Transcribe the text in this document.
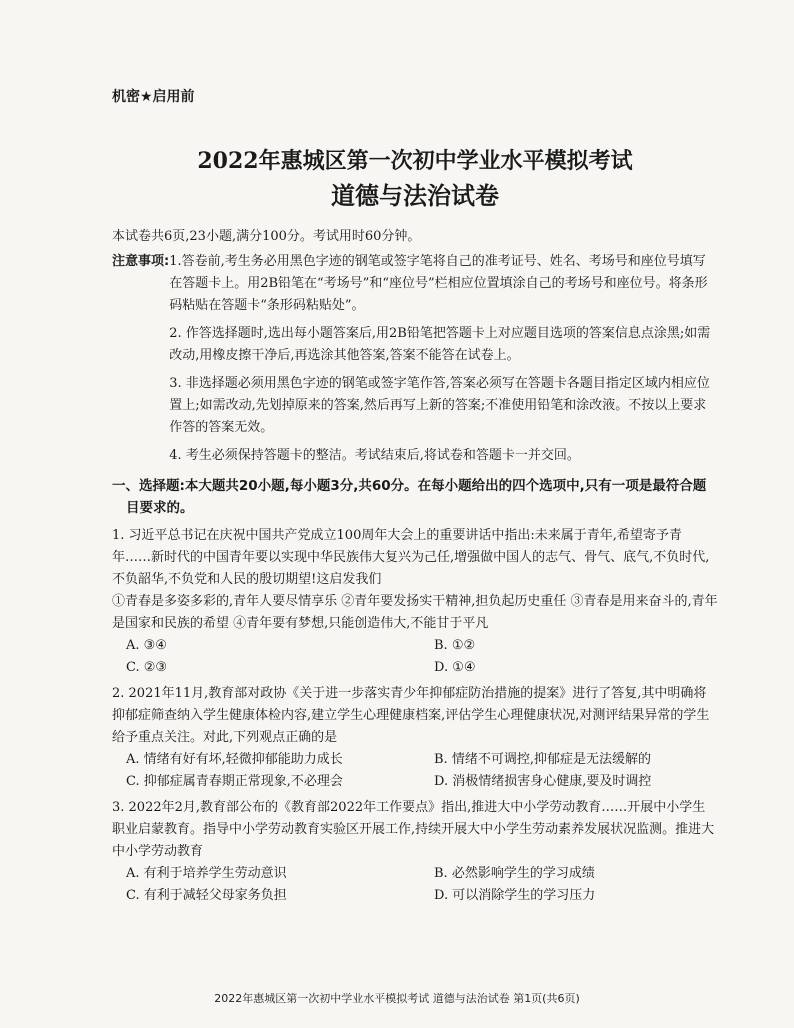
机密★启用前
2022年惠城区第一次初中学业水平模拟考试
道德与法治试卷

本试卷共6页,23小题,满分100分。考试用时60分钟。

注意事项: 1.答卷前,考生务必用黑色字迹的钢笔或签字笔将自己的准考证号、姓名、考场号和座位号填写在答题卡上。用2B铅笔在“考场号”和“座位号”栏相应位置填涂自己的考场号和座位号。将条形码粘贴在答题卡“条形码粘贴处”。
2. 作答选择题时,选出每小题答案后,用2B铅笔把答题卡上对应题目选项的答案信息点涂黑;如需改动,用橡皮擦干净后,再选涂其他答案,答案不能答在试卷上。
3. 非选择题必须用黑色字迹的钢笔或签字笔作答,答案必须写在答题卡各题目指定区域内相应位置上;如需改动,先划掉原来的答案,然后再写上新的答案;不准使用铅笔和涂改液。不按以上要求作答的答案无效。
4. 考生必须保持答题卡的整洁。考试结束后,将试卷和答题卡一并交回。
一、选择题:本大题共20小题,每小题3分,共60分。在每小题给出的四个选项中,只有一项是最符合题目要求的。

1. 习近平总书记在庆祝中国共产党成立100周年大会上的重要讲话中指出:未来属于青年,希望寄予青年……新时代的中国青年要以实现中华民族伟大复兴为己任,增强做中国人的志气、骨气、底气,不负时代,不负韶华,不负党和人民的殷切期望!这启发我们

①青春是多姿多彩的,青年人要尽情享乐 ②青年要发扬实干精神,担负起历史重任 ③青春是用来奋斗的,青年是国家和民族的希望 ④青年要有梦想,只能创造伟大,不能甘于平凡

A. ③④	B. ①②
C. ②③	D. ①④

2. 2021年11月,教育部对政协《关于进一步落实青少年抑郁症防治措施的提案》进行了答复,其中明确将抑郁症筛查纳入学生健康体检内容,建立学生心理健康档案,评估学生心理健康状况,对测评结果异常的学生给予重点关注。对此,下列观点正确的是

A. 情绪有好有坏,轻微抑郁能助力成长	B. 情绪不可调控,抑郁症是无法缓解的
C. 抑郁症属青春期正常现象,不必理会	D. 消极情绪损害身心健康,要及时调控

3. 2022年2月,教育部公布的《教育部2022年工作要点》指出,推进大中小学劳动教育……开展中小学生职业启蒙教育。指导中小学劳动教育实验区开展工作,持续开展大中小学生劳动素养发展状况监测。推进大中小学劳动教育

A. 有利于培养学生劳动意识	B. 必然影响学生的学习成绩
C. 有利于减轻父母家务负担	D. 可以消除学生的学习压力
2022年惠城区第一次初中学业水平模拟考试 道德与法治试卷 第1页(共6页)
